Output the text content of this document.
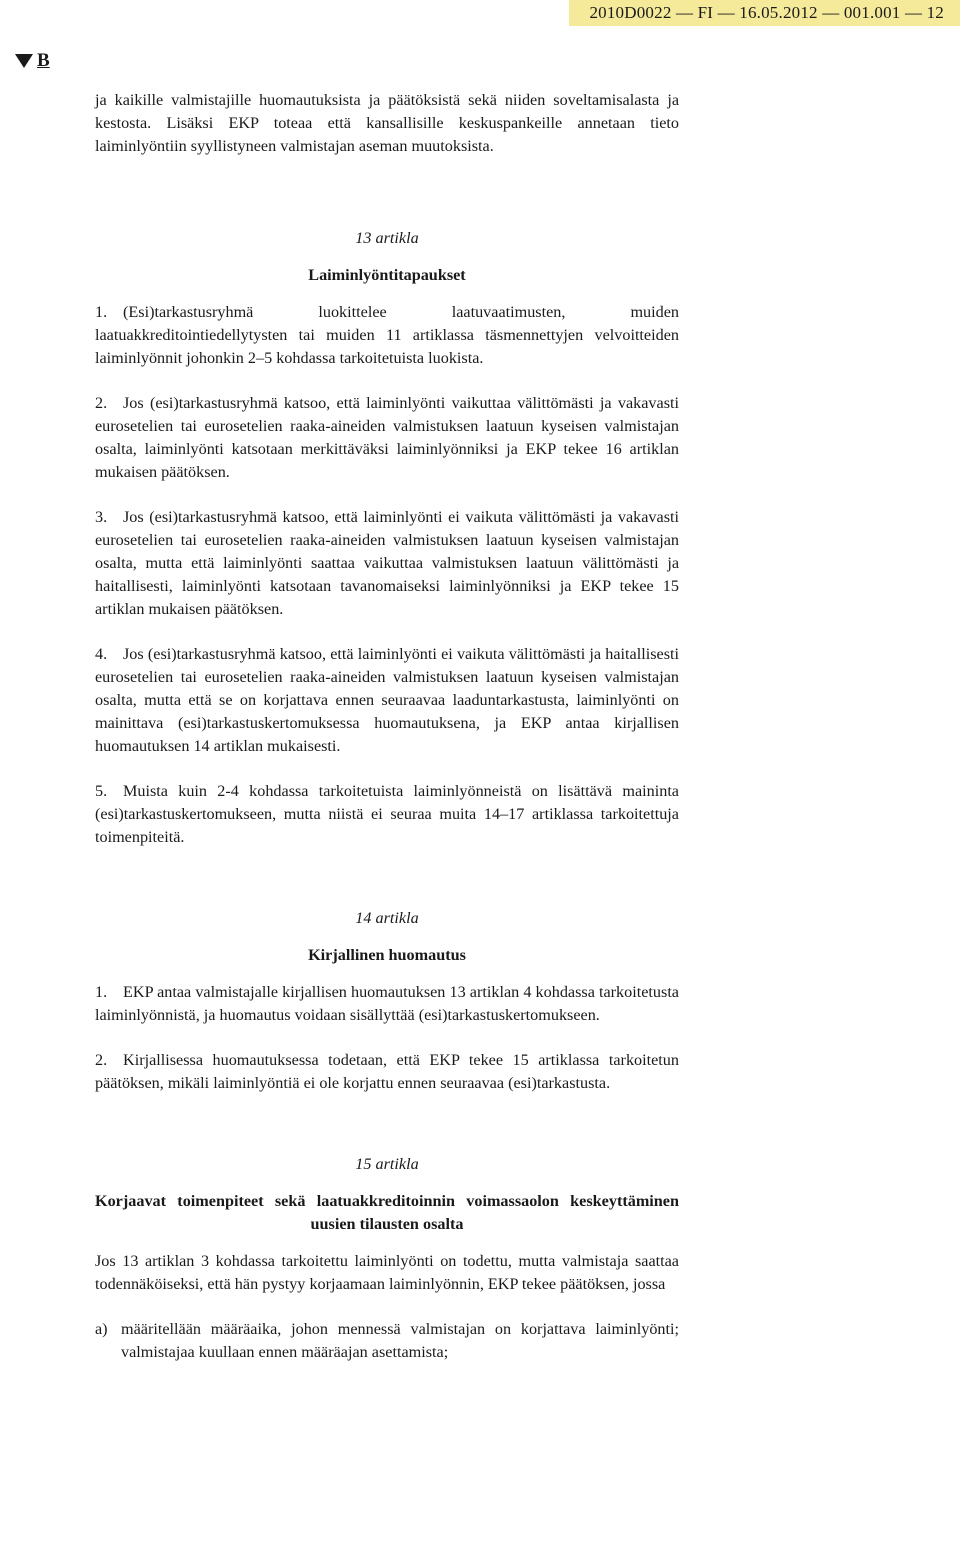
2010D0022 — FI — 16.05.2012 — 001.001 — 12
B

ja kaikille valmistajille huomautuksista ja päätöksistä sekä niiden soveltamisalasta ja kestosta. Lisäksi EKP toteaa että kansallisille keskuspankeille annetaan tieto laiminlyöntiin syyllistyneen valmistajan aseman muutoksista.

13 artikla

Laiminlyöntitapaukset

1. (Esi)tarkastusryhmä luokittelee laatuvaatimusten, muiden laatuakkreditointiedellytysten tai muiden 11 artiklassa täsmennettyjen velvoitteiden laiminlyönnit johonkin 2–5 kohdassa tarkoitetuista luokista.

2. Jos (esi)tarkastusryhmä katsoo, että laiminlyönti vaikuttaa välittömästi ja vakavasti eurosetelien tai eurosetelien raaka-aineiden valmistuksen laatuun kyseisen valmistajan osalta, laiminlyönti katsotaan merkittäväksi laiminlyönniksi ja EKP tekee 16 artiklan mukaisen päätöksen.

3. Jos (esi)tarkastusryhmä katsoo, että laiminlyönti ei vaikuta välittömästi ja vakavasti eurosetelien tai eurosetelien raaka-aineiden valmistuksen laatuun kyseisen valmistajan osalta, mutta että laiminlyönti saattaa vaikuttaa valmistuksen laatuun välittömästi ja haitallisesti, laiminlyönti katsotaan tavanomaiseksi laiminlyönniksi ja EKP tekee 15 artiklan mukaisen päätöksen.

4. Jos (esi)tarkastusryhmä katsoo, että laiminlyönti ei vaikuta välittömästi ja haitallisesti eurosetelien tai eurosetelien raaka-aineiden valmistuksen laatuun kyseisen valmistajan osalta, mutta että se on korjattava ennen seuraavaa laaduntarkastusta, laiminlyönti on mainittava (esi)tarkastuskertomuksessa huomautuksena, ja EKP antaa kirjallisen huomautuksen 14 artiklan mukaisesti.

5. Muista kuin 2-4 kohdassa tarkoitetuista laiminlyönneistä on lisättävä maininta (esi)tarkastuskertomukseen, mutta niistä ei seuraa muita 14–17 artiklassa tarkoitettuja toimenpiteitä.

14 artikla

Kirjallinen huomautus

1. EKP antaa valmistajalle kirjallisen huomautuksen 13 artiklan 4 kohdassa tarkoitetusta laiminlyönnistä, ja huomautus voidaan sisällyttää (esi)tarkastuskertomukseen.

2. Kirjallisessa huomautuksessa todetaan, että EKP tekee 15 artiklassa tarkoitetun päätöksen, mikäli laiminlyöntiä ei ole korjattu ennen seuraavaa (esi)tarkastusta.

15 artikla

Korjaavat toimenpiteet sekä laatuakkreditoinnin voimassaolon keskeyttäminen uusien tilausten osalta

Jos 13 artiklan 3 kohdassa tarkoitettu laiminlyönti on todettu, mutta valmistaja saattaa todennäköiseksi, että hän pystyy korjaamaan laiminlyönnin, EKP tekee päätöksen, jossa

a) määritellään määräaika, johon mennessä valmistajan on korjattava laiminlyönti; valmistajaa kuullaan ennen määräajan asettamista;
